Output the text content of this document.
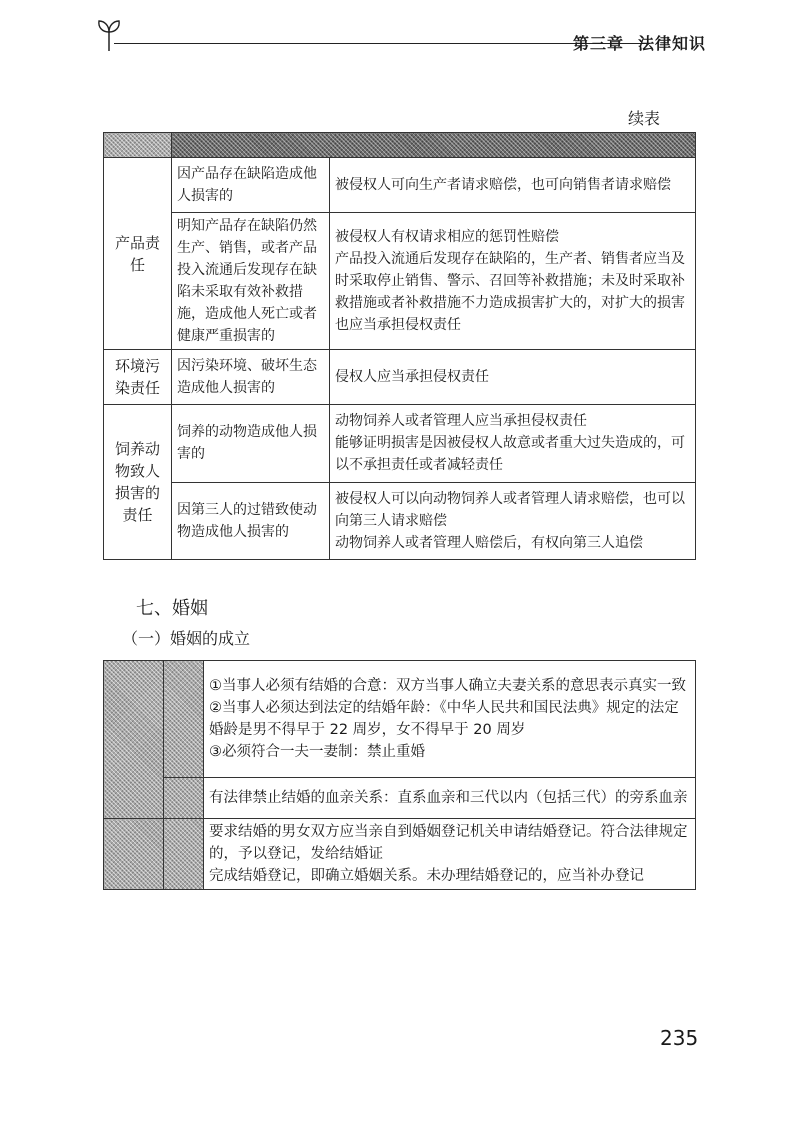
第三章 法律知识
续表

产品责任	因产品存在缺陷造成他人损害的	被侵权人可向生产者请求赔偿，也可向销售者请求赔偿
	明知产品存在缺陷仍然生产、销售，或者产品投入流通后发现存在缺陷未采取有效补救措施，造成他人死亡或者健康严重损害的	被侵权人有权请求相应的惩罚性赔偿
产品投入流通后发现存在缺陷的，生产者、销售者应当及时采取停止销售、警示、召回等补救措施；未及时采取补救措施或者补救措施不力造成损害扩大的，对扩大的损害也应当承担侵权责任

环境污染责任	因污染环境、破坏生态造成他人损害的	侵权人应当承担侵权责任
饲养动物致人损害的责任	饲养的动物造成他人损害的	动物饲养人或者管理人应当承担侵权责任
能够证明损害是因被侵权人故意或者重大过失造成的，可以不承担责任或者减轻责任

	因第三人的过错致使动物造成他人损害的	被侵权人可以向动物饲养人或者管理人请求赔偿，也可以向第三人请求赔偿
动物饲养人或者管理人赔偿后，有权向第三人追偿
七、婚姻
（一）婚姻的成立

		①当事人必须有结婚的合意：双方当事人确立夫妻关系的意思表示真实一致
②当事人必须达到法定的结婚年龄：《中华人民共和国民法典》规定的法定婚龄是男不得早于 22 周岁，女不得早于 20 周岁
③必须符合一夫一妻制：禁止重婚

		有法律禁止结婚的血亲关系：直系血亲和三代以内（包括三代）的旁系血亲

		要求结婚的男女双方应当亲自到婚姻登记机关申请结婚登记。符合法律规定的，予以登记，发给结婚证
完成结婚登记，即确立婚姻关系。未办理结婚登记的，应当补办登记
235
